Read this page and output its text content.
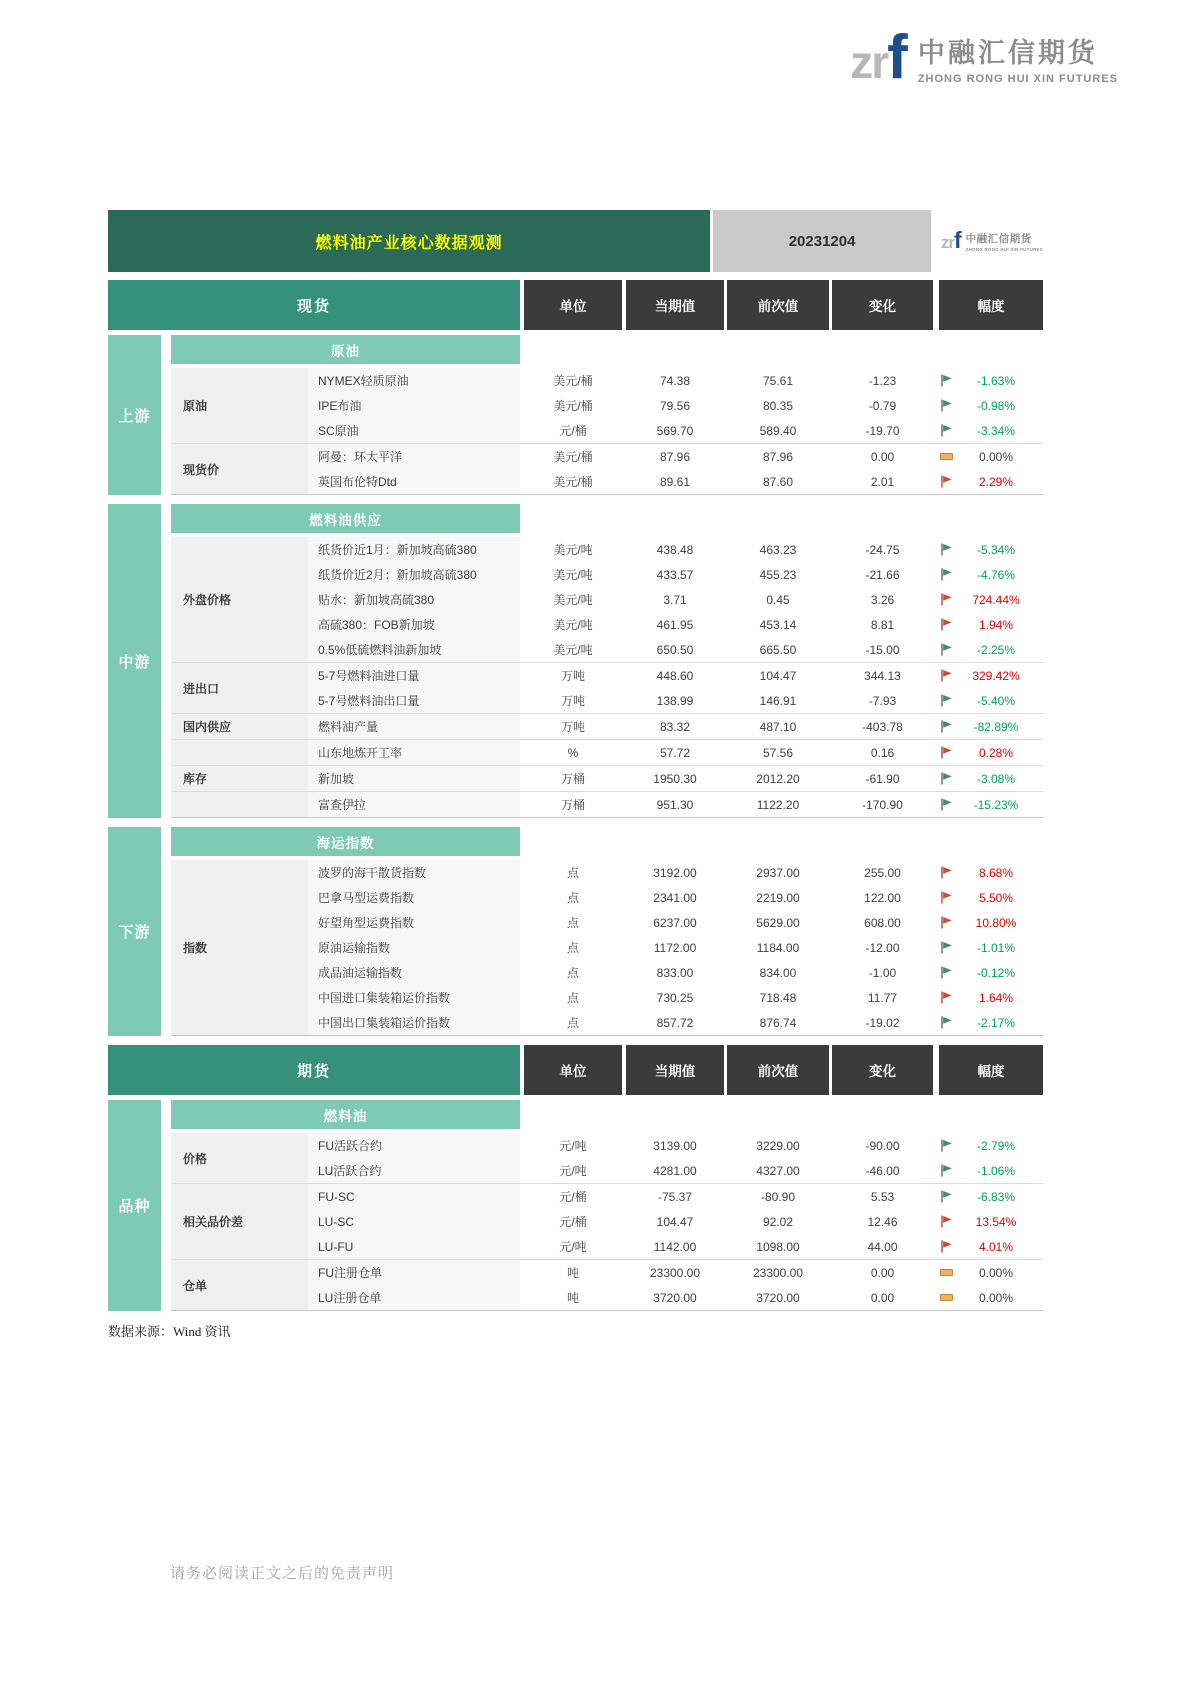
zrf 中融汇信期货
ZHONG RONG HUI XIN FUTURES
燃料油产业核心数据观测	20231204	zrf 中融汇信期货
ZHONG RONG HUI XIN FUTURES
现货	单位	当期值	前次值	变化	幅度
上游
原油
原油
NYMEX轻质原油	美元/桶	74.38	75.61	-1.23	-1.63%
IPE布油	美元/桶	79.56	80.35	-0.79	-0.98%
SC原油	元/桶	569.70	589.40	-19.70	-3.34%
现货价
阿曼：环太平洋	美元/桶	87.96	87.96	0.00	0.00%
英国布伦特Dtd	美元/桶	89.61	87.60	2.01	2.29%
中游
燃料油供应
外盘价格
纸货价近1月：新加坡高硫380	美元/吨	438.48	463.23	-24.75	-5.34%
纸货价近2月：新加坡高硫380	美元/吨	433.57	455.23	-21.66	-4.76%
贴水：新加坡高硫380	美元/吨	3.71	0.45	3.26	724.44%
高硫380：FOB新加坡	美元/吨	461.95	453.14	8.81	1.94%
0.5%低硫燃料油新加坡	美元/吨	650.50	665.50	-15.00	-2.25%
进出口
5-7号燃料油进口量	万吨	448.60	104.47	344.13	329.42%
5-7号燃料油出口量	万吨	138.99	146.91	-7.93	-5.40%
国内供应	燃料油产量	万吨	83.32	487.10	-403.78	-82.89%
山东地炼开工率	%	57.72	57.56	0.16	0.28%
库存	新加坡	万桶	1950.30	2012.20	-61.90	-3.08%
富查伊拉	万桶	951.30	1122.20	-170.90	-15.23%
下游
海运指数
指数
波罗的海干散货指数	点	3192.00	2937.00	255.00	8.68%
巴拿马型运费指数	点	2341.00	2219.00	122.00	5.50%
好望角型运费指数	点	6237.00	5629.00	608.00	10.80%
原油运输指数	点	1172.00	1184.00	-12.00	-1.01%
成品油运输指数	点	833.00	834.00	-1.00	-0.12%
中国进口集装箱运价指数	点	730.25	718.48	11.77	1.64%
中国出口集装箱运价指数	点	857.72	876.74	-19.02	-2.17%
期货	单位	当期值	前次值	变化	幅度
品种
燃料油
价格
FU活跃合约	元/吨	3139.00	3229.00	-90.00	-2.79%
LU活跃合约	元/吨	4281.00	4327.00	-46.00	-1.06%
相关品价差
FU-SC	元/桶	-75.37	-80.90	5.53	-6.83%
LU-SC	元/桶	104.47	92.02	12.46	13.54%
LU-FU	元/吨	1142.00	1098.00	44.00	4.01%
仓单
FU注册仓单	吨	23300.00	23300.00	0.00	0.00%
LU注册仓单	吨	3720.00	3720.00	0.00	0.00%
数据来源：Wind 资讯
请务必阅读正文之后的免责声明
